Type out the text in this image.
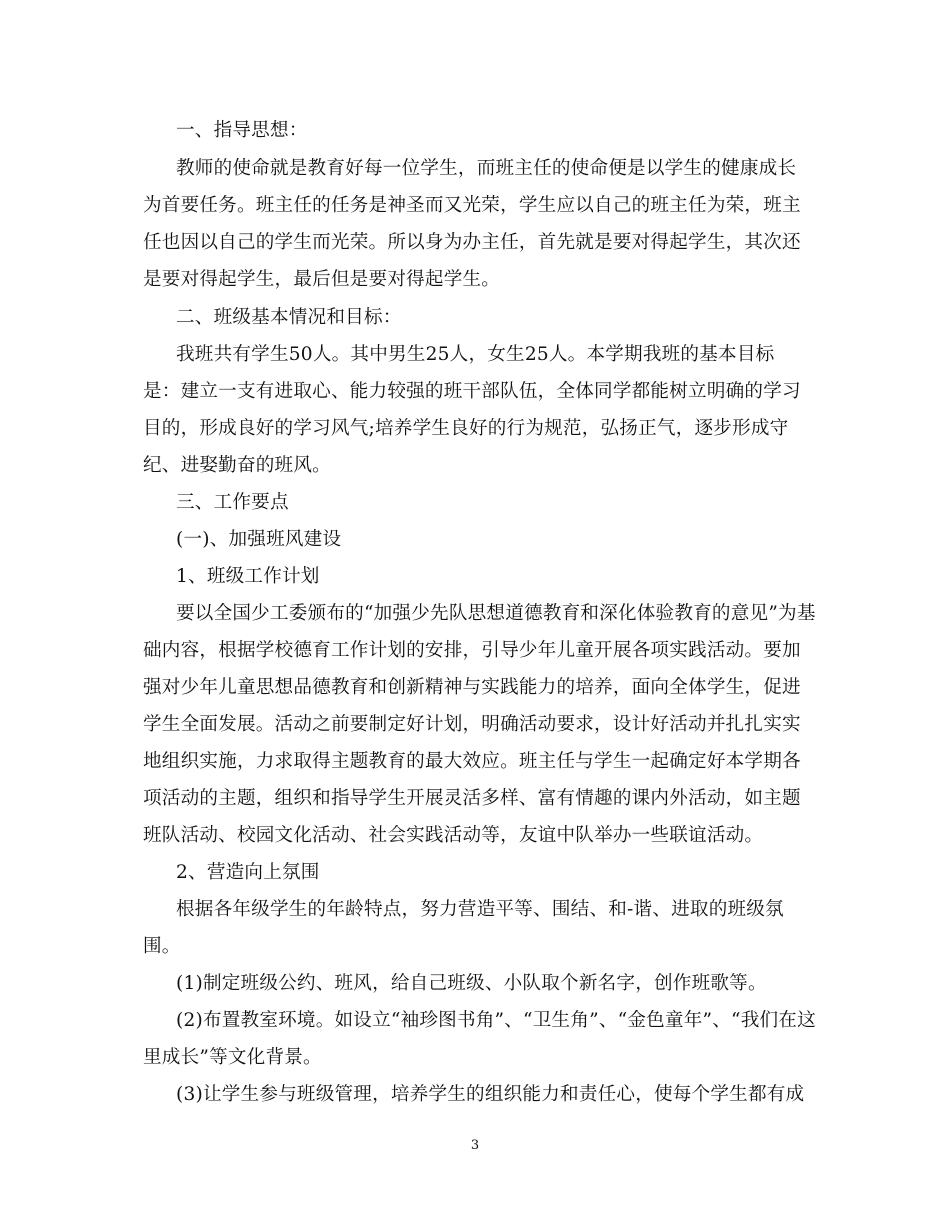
一、指导思想：
教师的使命就是教育好每一位学生，而班主任的使命便是以学生的健康成长
为首要任务。班主任的任务是神圣而又光荣，学生应以自己的班主任为荣，班主
任也因以自己的学生而光荣。所以身为办主任，首先就是要对得起学生，其次还
是要对得起学生，最后但是要对得起学生。
二、班级基本情况和目标：
我班共有学生50人。其中男生25人，女生25人。本学期我班的基本目标
是：建立一支有进取心、能力较强的班干部队伍，全体同学都能树立明确的学习
目的，形成良好的学习风气;培养学生良好的行为规范，弘扬正气，逐步形成守
纪、进娶勤奋的班风。
三、工作要点
(一)、加强班风建设
1、班级工作计划
要以全国少工委颁布的“加强少先队思想道德教育和深化体验教育的意见”为基
础内容，根据学校德育工作计划的安排，引导少年儿童开展各项实践活动。要加
强对少年儿童思想品德教育和创新精神与实践能力的培养，面向全体学生，促进
学生全面发展。活动之前要制定好计划，明确活动要求，设计好活动并扎扎实实
地组织实施，力求取得主题教育的最大效应。班主任与学生一起确定好本学期各
项活动的主题，组织和指导学生开展灵活多样、富有情趣的课内外活动，如主题
班队活动、校园文化活动、社会实践活动等，友谊中队举办一些联谊活动。
2、营造向上氛围
根据各年级学生的年龄特点，努力营造平等、围结、和-谐、进取的班级氛
围。
(1)制定班级公约、班风，给自己班级、小队取个新名字，创作班歌等。
(2)布置教室环境。如设立“袖珍图书角”、“卫生角”、“金色童年”、“我们在这
里成长”等文化背景。
(3)让学生参与班级管理，培养学生的组织能力和责任心，使每个学生都有成
3
